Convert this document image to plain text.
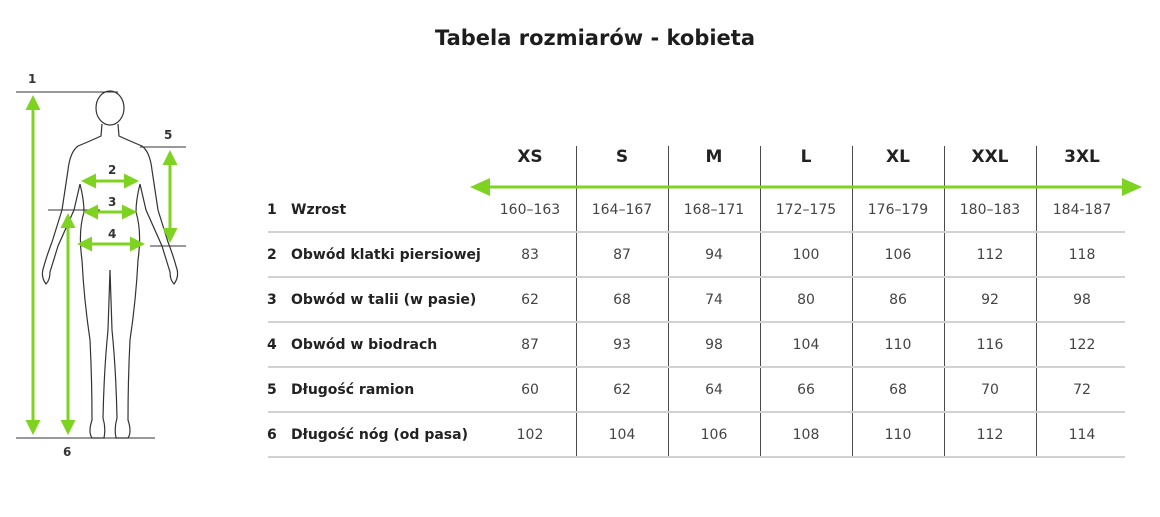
Tabela rozmiarów - kobieta
1
2
3
4
5
6
XS	S	M	L	XL	XXL	3XL
1	Wzrost	160–163	164–167	168–171	172–175	176–179	180–183	184-187
2	Obwód klatki piersiowej	83	87	94	100	106	112	118
3	Obwód w talii (w pasie)	62	68	74	80	86	92	98
4	Obwód w biodrach	87	93	98	104	110	116	122
5	Długość ramion	60	62	64	66	68	70	72
6	Długość nóg (od pasa)	102	104	106	108	110	112	114
